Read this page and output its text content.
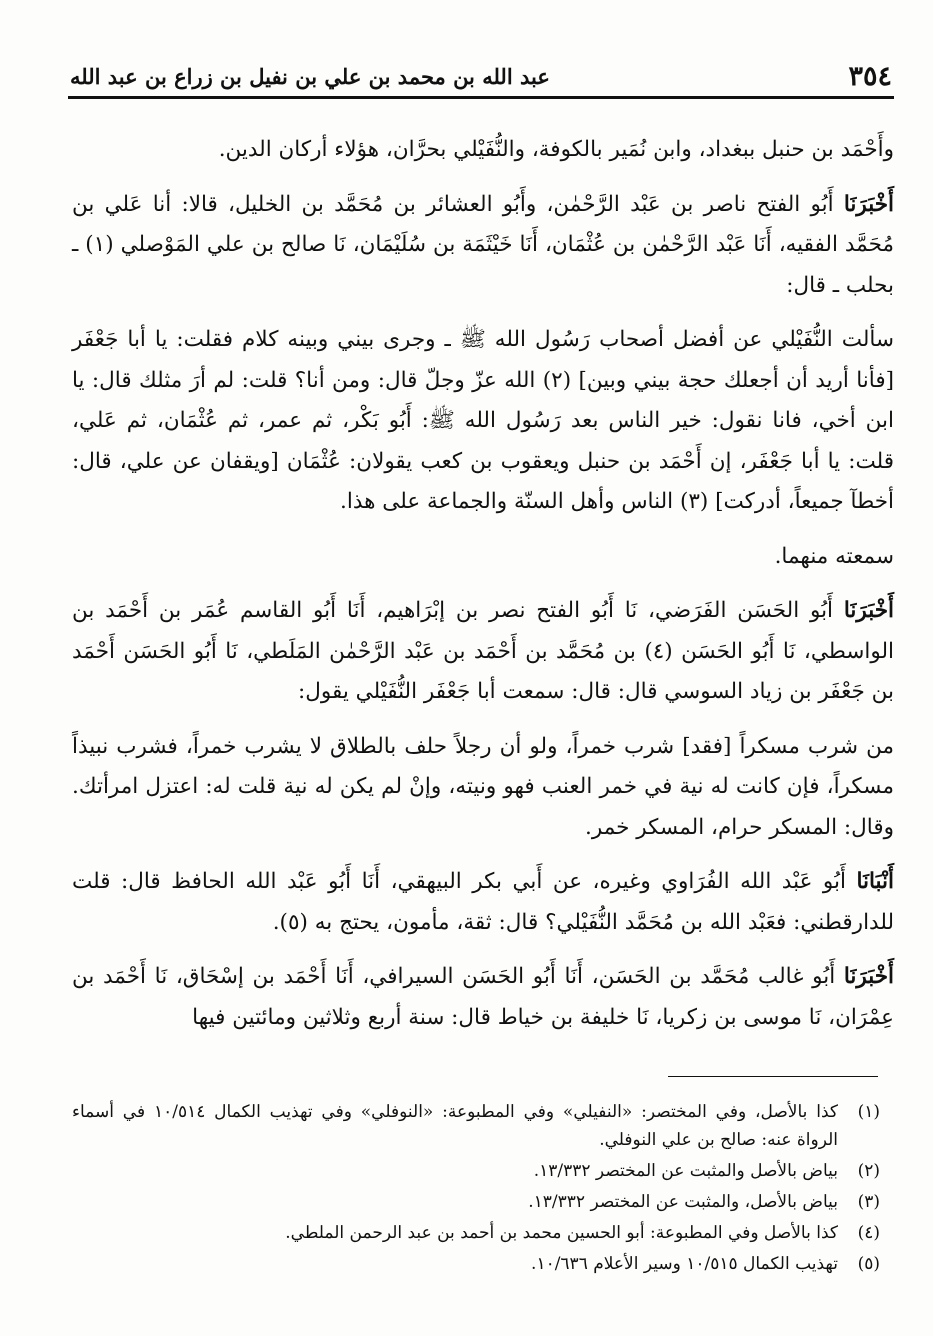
٣٥٤
عبد الله بن محمد بن علي بن نفيل بن زراع بن عبد الله

وأَحْمَد بن حنبل ببغداد، وابن نُمَير بالكوفة، والنُّفَيْلي بحرَّان، هؤلاء أركان الدين.

أَخْبَرَنَا أَبُو الفتح ناصر بن عَبْد الرَّحْمٰن، وأَبُو العشائر بن مُحَمَّد بن الخليل، قالا: أنا عَلي بن مُحَمَّد الفقيه، أَنَا عَبْد الرَّحْمٰن بن عُثْمَان، أَنَا خَيْثَمَة بن سُلَيْمَان، نَا صالح بن علي المَوْصلي (١) ـ بحلب ـ قال:

سألت النُّفَيْلي عن أفضل أصحاب رَسُول الله ﷺ ـ وجرى بيني وبينه كلام فقلت: يا أبا جَعْفَر [فأنا أريد أن أجعلك حجة بيني وبين] (٢) الله عزّ وجلّ قال: ومن أنا؟ قلت: لم أرَ مثلك قال: يا ابن أخي، فانا نقول: خير الناس بعد رَسُول الله ﷺ: أَبُو بَكْر، ثم عمر، ثم عُثْمَان، ثم عَلي، قلت: يا أبا جَعْفَر، إن أَحْمَد بن حنبل ويعقوب بن كعب يقولان: عُثْمَان [ويقفان عن علي، قال: أخطآ جميعاً، أدركت] (٣) الناس وأهل السنّة والجماعة على هذا.

سمعته منهما.

أَخْبَرَنَا أَبُو الحَسَن الفَرَضي، نَا أَبُو الفتح نصر بن إبْرَاهيم، أَنَا أَبُو القاسم عُمَر بن أَحْمَد بن الواسطي، نَا أَبُو الحَسَن (٤) بن مُحَمَّد بن أَحْمَد بن عَبْد الرَّحْمٰن المَلَطي، نَا أَبُو الحَسَن أَحْمَد بن جَعْفَر بن زياد السوسي قال: قال: سمعت أبا جَعْفَر النُّفَيْلي يقول:

من شرب مسكراً [فقد] شرب خمراً، ولو أن رجلاً حلف بالطلاق لا يشرب خمراً، فشرب نبيذاً مسكراً، فإن كانت له نية في خمر العنب فهو ونيته، وإنْ لم يكن له نية قلت له: اعتزل امرأتك. وقال: المسكر حرام، المسكر خمر.

أَنْبَانَا أَبُو عَبْد الله الفُرَاوي وغيره، عن أَبي بكر البيهقي، أَنَا أَبُو عَبْد الله الحافظ قال: قلت للدارقطني: فعَبْد الله بن مُحَمَّد النُّفَيْلي؟ قال: ثقة، مأمون، يحتج به (٥).

أَخْبَرَنَا أَبُو غالب مُحَمَّد بن الحَسَن، أَنَا أَبُو الحَسَن السيرافي، أَنَا أَحْمَد بن إسْحَاق، نَا أَحْمَد بن عِمْرَان، نَا موسى بن زكريا، نَا خليفة بن خياط قال: سنة أربع وثلاثين ومائتين فيها

(١)
كذا بالأصل، وفي المختصر: «النفيلي» وفي المطبوعة: «النوفلي» وفي تهذيب الكمال ١٠/٥١٤ في أسماء الرواة عنه: صالح بن علي النوفلي.

(٢)
بياض بالأصل والمثبت عن المختصر ١٣/٣٣٢.

(٣)
بياض بالأصل، والمثبت عن المختصر ١٣/٣٣٢.

(٤)
كذا بالأصل وفي المطبوعة: أبو الحسين محمد بن أحمد بن عبد الرحمن الملطي.

(٥)
تهذيب الكمال ١٠/٥١٥ وسير الأعلام ١٠/٦٣٦.
